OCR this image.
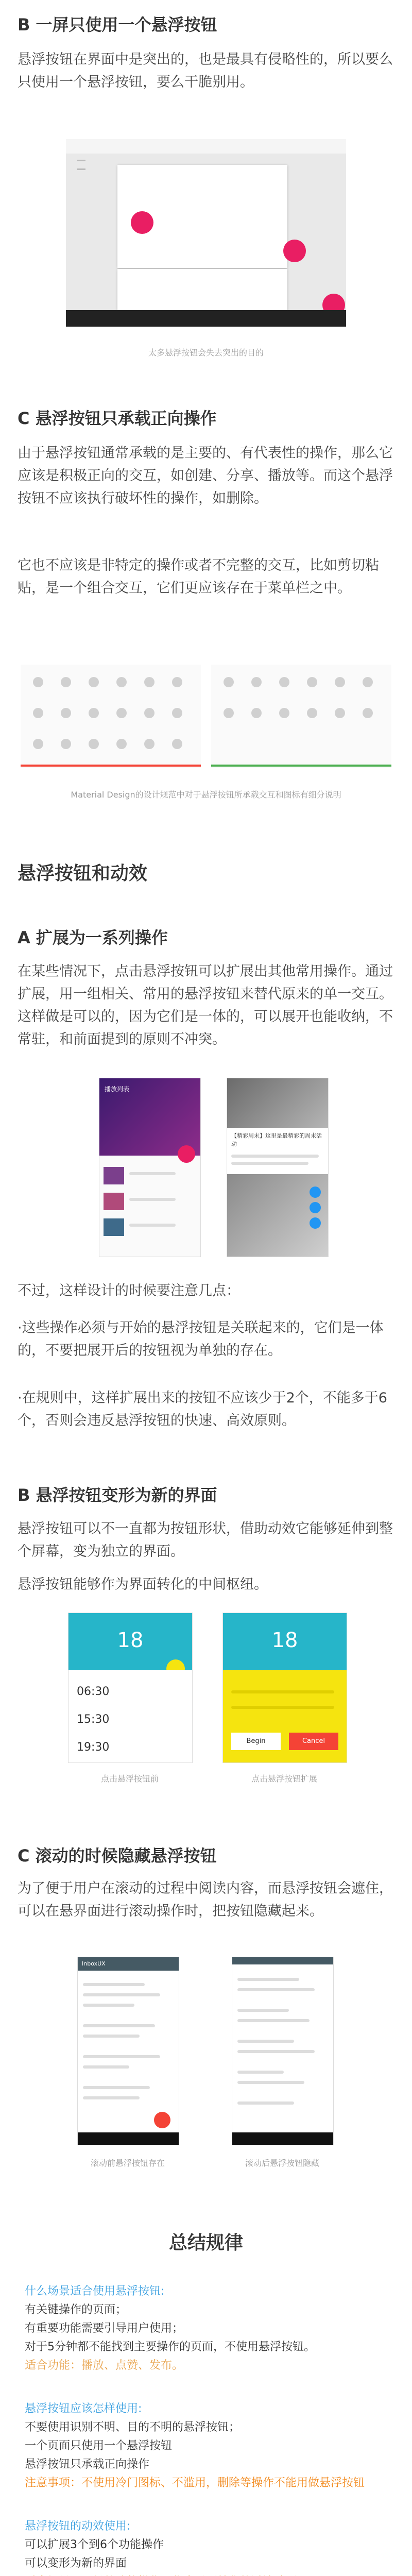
B 一屏只使用一个悬浮按钮
悬浮按钮在界面中是突出的，也是最具有侵略性的，所以要么只使用一个悬浮按钮，要么干脆别用。
太多悬浮按钮会失去突出的目的
C 悬浮按钮只承载正向操作
由于悬浮按钮通常承载的是主要的、有代表性的操作，那么它应该是积极正向的交互，如创建、分享、播放等。而这个悬浮按钮不应该执行破坏性的操作，如删除。
它也不应该是非特定的操作或者不完整的交互，比如剪切粘贴，是一个组合交互，它们更应该存在于菜单栏之中。
Material Design的设计规范中对于悬浮按钮所承载交互和图标有细分说明
悬浮按钮和动效
A 扩展为一系列操作
在某些情况下，点击悬浮按钮可以扩展出其他常用操作。通过扩展，用一组相关、常用的悬浮按钮来替代原来的单一交互。这样做是可以的，因为它们是一体的，可以展开也能收纳，不常驻，和前面提到的原则不冲突。
播放列表
【精彩周末】这里是最精彩的周末活动
不过，这样设计的时候要注意几点：
·这些操作必须与开始的悬浮按钮是关联起来的，它们是一体的，不要把展开后的按钮视为单独的存在。
·在规则中，这样扩展出来的按钮不应该少于2个，不能多于6个，否则会违反悬浮按钮的快速、高效原则。
B 悬浮按钮变形为新的界面
悬浮按钮可以不一直都为按钮形状，借助动效它能够延伸到整个屏幕，变为独立的界面。
悬浮按钮能够作为界面转化的中间枢纽。
18
06:30
15:30
19:30
18
Begin	Cancel
点击悬浮按钮前	点击悬浮按钮扩展
C 滚动的时候隐藏悬浮按钮
为了便于用户在滚动的过程中阅读内容，而悬浮按钮会遮住，可以在悬界面进行滚动操作时，把按钮隐藏起来。
InboxUX
滚动前悬浮按钮存在	滚动后悬浮按钮隐藏
总结规律
什么场景适合使用悬浮按钮:
有关键操作的页面；
有重要功能需要引导用户使用；
对于5分钟都不能找到主要操作的页面，不使用悬浮按钮。
适合功能：播放、点赞、发布。
悬浮按钮应该怎样使用:
不要使用识别不明、目的不明的悬浮按钮；
一个页面只使用一个悬浮按钮
悬浮按钮只承载正向操作
注意事项：不使用冷门图标、不滥用，删除等操作不能用做悬浮按钮
悬浮按钮的动效使用:
可以扩展3个到6个功能操作
可以变形为新的界面
